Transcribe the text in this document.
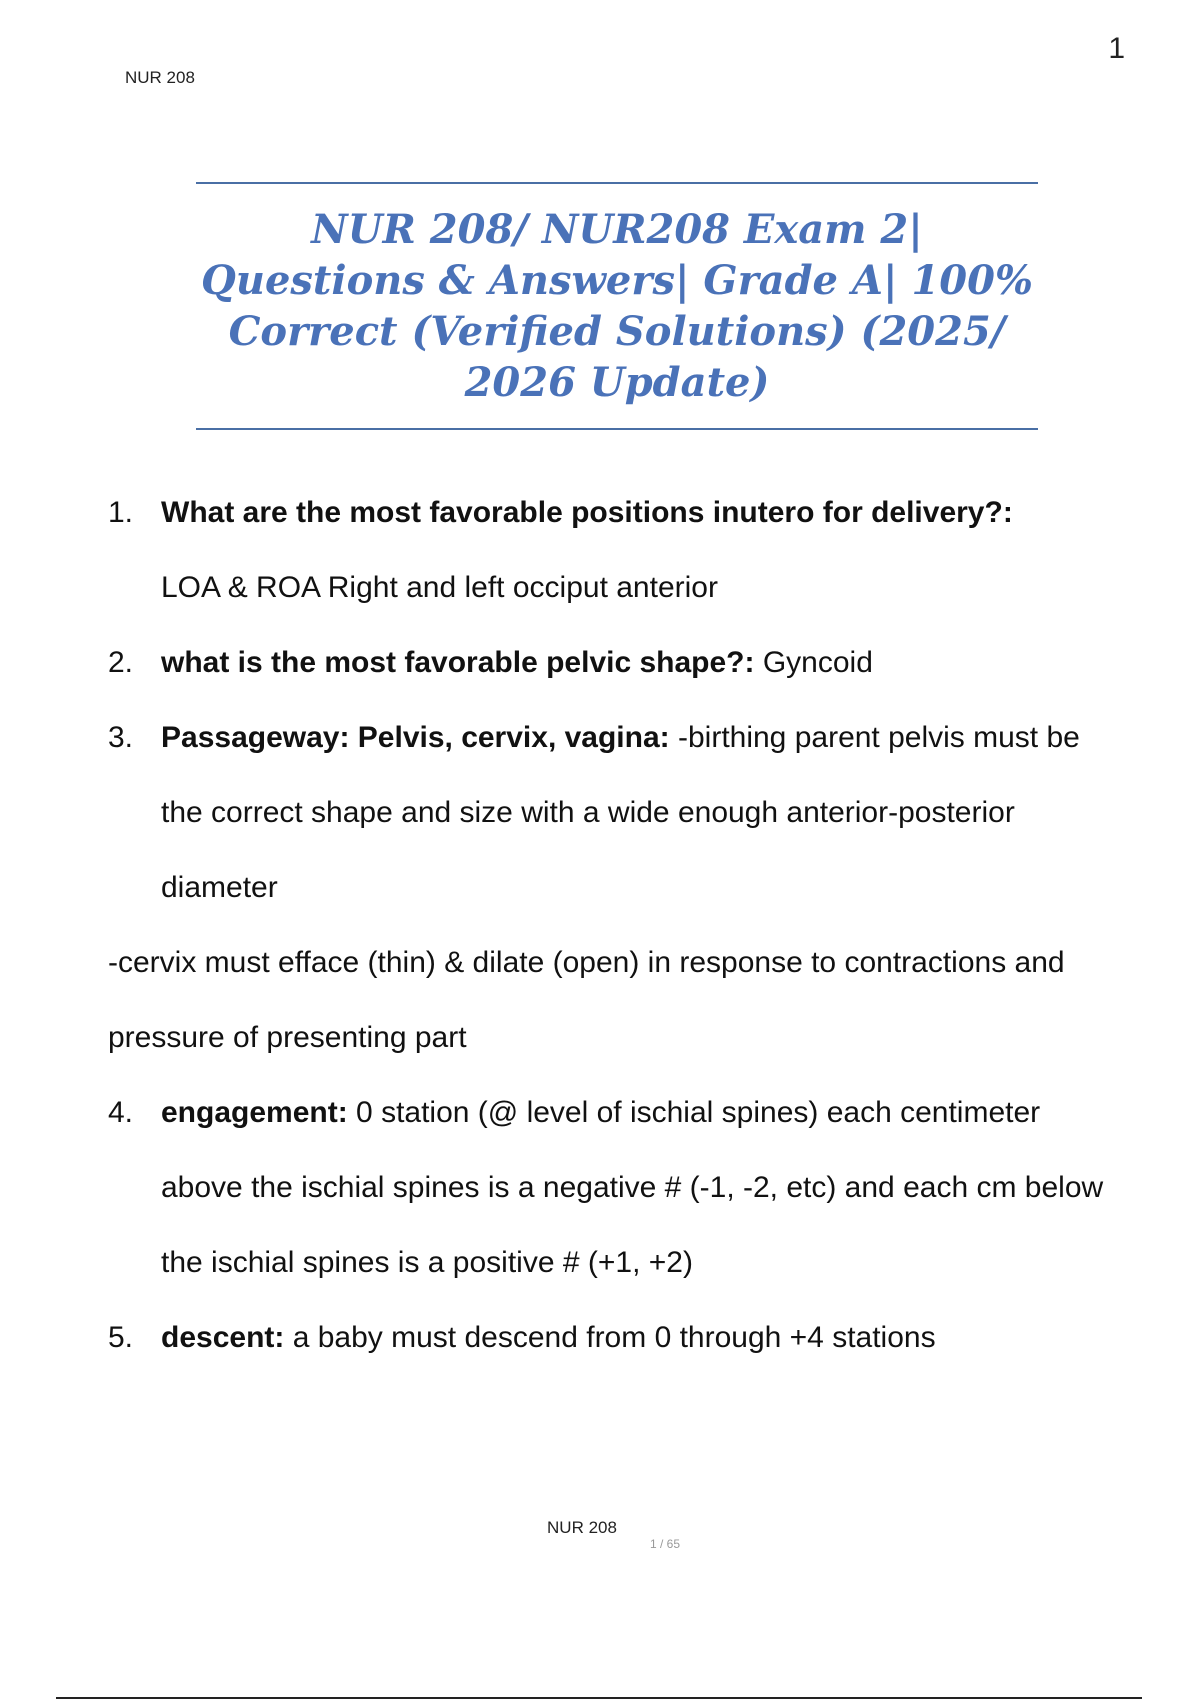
NUR 208
1
NUR 208/ NUR208 Exam 2| Questions & Answers| Grade A| 100% Correct (Verified Solutions) (2025/ 2026 Update)
1. What are the most favorable positions inutero for delivery?:
LOA & ROA Right and left occiput anterior
2. what is the most favorable pelvic shape?: Gyncoid
3. Passageway: Pelvis, cervix, vagina: -birthing parent pelvis must be the correct shape and size with a wide enough anterior-posterior diameter
-cervix must efface (thin) & dilate (open) in response to contractions and pressure of presenting part
4. engagement: 0 station (@ level of ischial spines) each centimeter above the ischial spines is a negative # (-1, -2, etc) and each cm below the ischial spines is a positive # (+1, +2)
5. descent: a baby must descend from 0 through +4 stations
NUR 208
1 / 65
